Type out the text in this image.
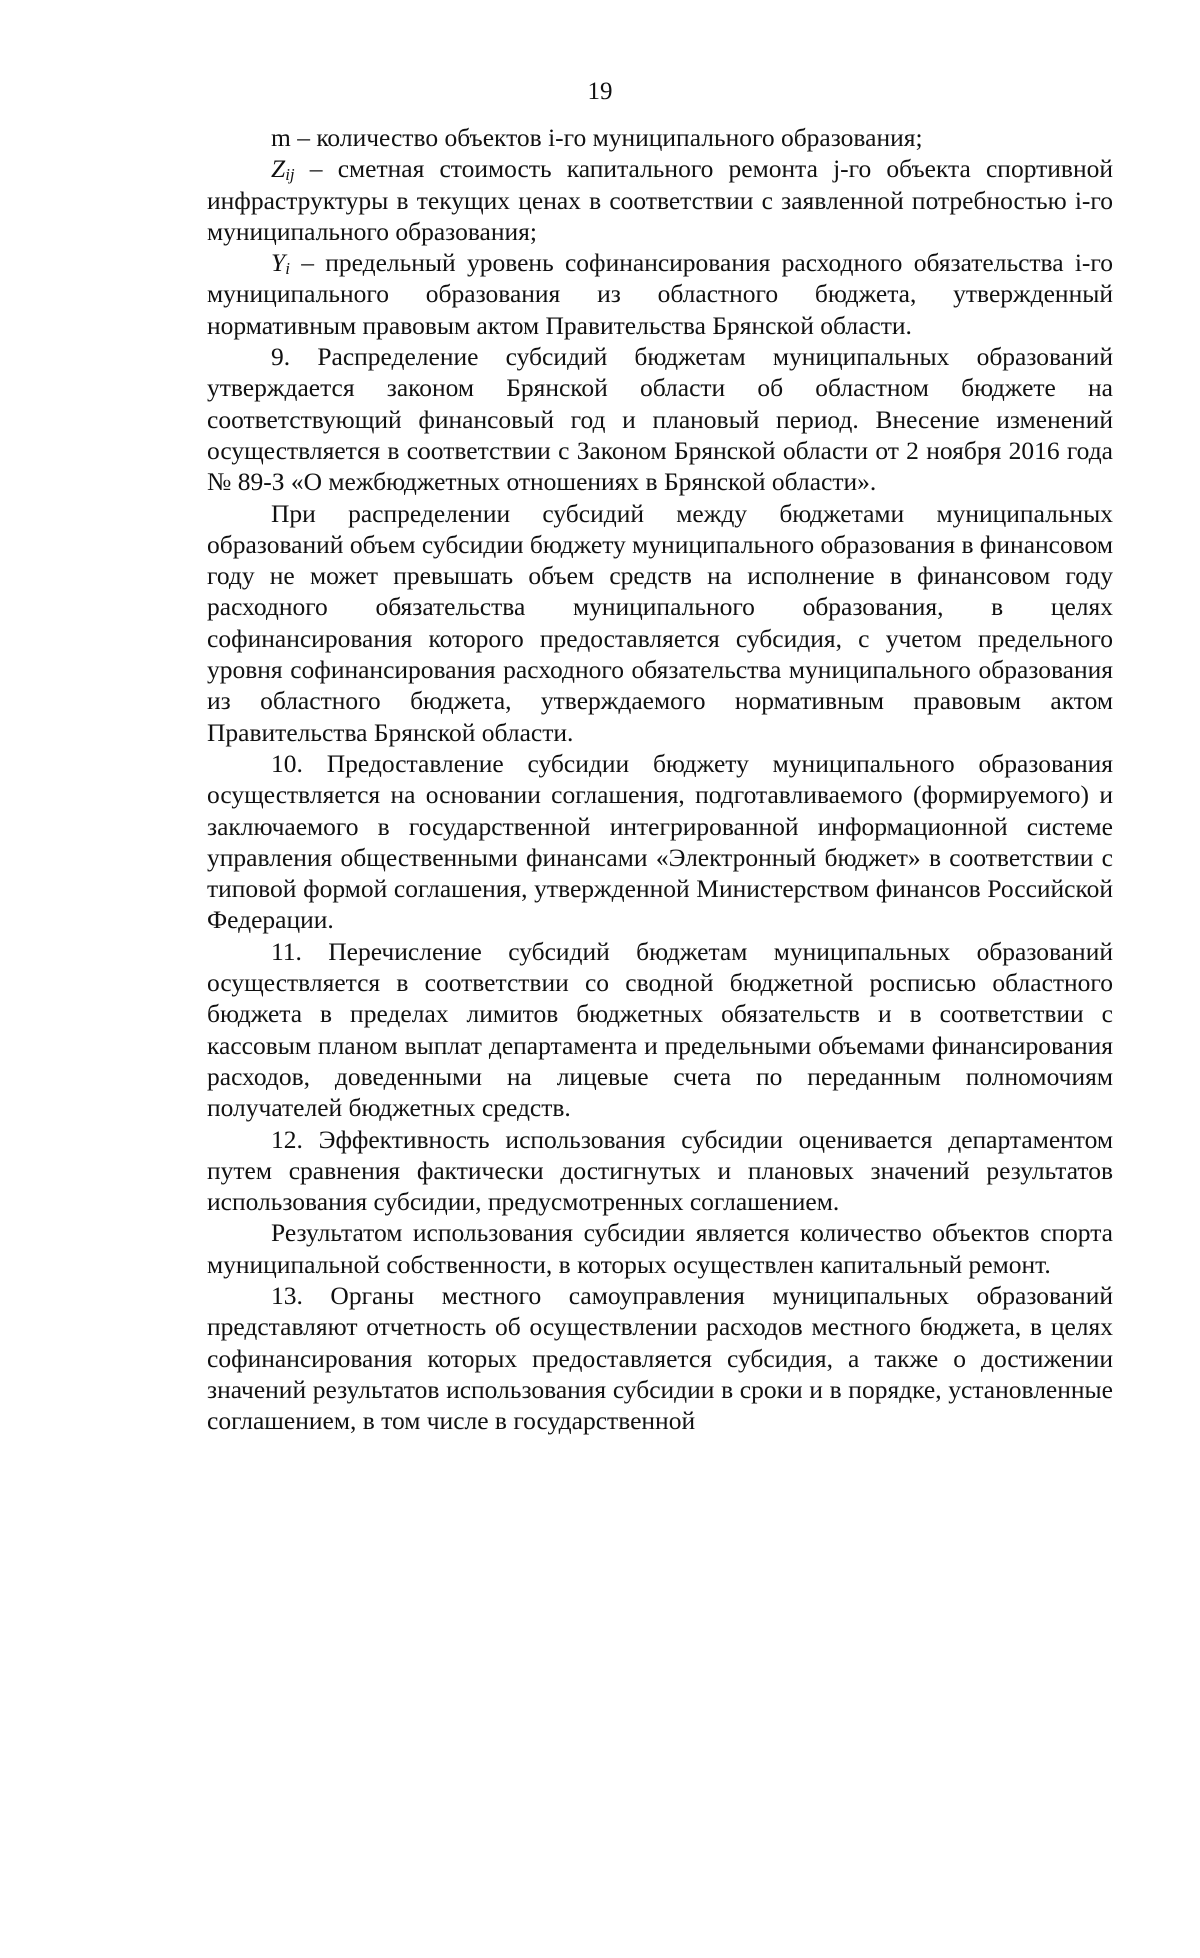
19

m – количество объектов i-го муниципального образования;

$Z_{ij}$ – сметная стоимость капитального ремонта j-го объекта спортивной инфраструктуры в текущих ценах в соответствии с заявленной потребностью i-го муниципального образования;

$Y_i$ – предельный уровень софинансирования расходного обязательства i-го муниципального образования из областного бюджета, утвержденный нормативным правовым актом Правительства Брянской области.

9. Распределение субсидий бюджетам муниципальных образований утверждается законом Брянской области об областном бюджете на соответствующий финансовый год и плановый период. Внесение изменений осуществляется в соответствии с Законом Брянской области от 2 ноября 2016 года № 89-З «О межбюджетных отношениях в Брянской области».

При распределении субсидий между бюджетами муниципальных образований объем субсидии бюджету муниципального образования в финансовом году не может превышать объем средств на исполнение в финансовом году расходного обязательства муниципального образования, в целях софинансирования которого предоставляется субсидия, с учетом предельного уровня софинансирования расходного обязательства муниципального образования из областного бюджета, утверждаемого нормативным правовым актом Правительства Брянской области.

10. Предоставление субсидии бюджету муниципального образования осуществляется на основании соглашения, подготавливаемого (формируемого) и заключаемого в государственной интегрированной информационной системе управления общественными финансами «Электронный бюджет» в соответствии с типовой формой соглашения, утвержденной Министерством финансов Российской Федерации.

11. Перечисление субсидий бюджетам муниципальных образований осуществляется в соответствии со сводной бюджетной росписью областного бюджета в пределах лимитов бюджетных обязательств и в соответствии с кассовым планом выплат департамента и предельными объемами финансирования расходов, доведенными на лицевые счета по переданным полномочиям получателей бюджетных средств.

12. Эффективность использования субсидии оценивается департаментом путем сравнения фактически достигнутых и плановых значений результатов использования субсидии, предусмотренных соглашением.

Результатом использования субсидии является количество объектов спорта муниципальной собственности, в которых осуществлен капитальный ремонт.

13. Органы местного самоуправления муниципальных образований представляют отчетность об осуществлении расходов местного бюджета, в целях софинансирования которых предоставляется субсидия, а также о достижении значений результатов использования субсидии в сроки и в порядке, установленные соглашением, в том числе в государственной
